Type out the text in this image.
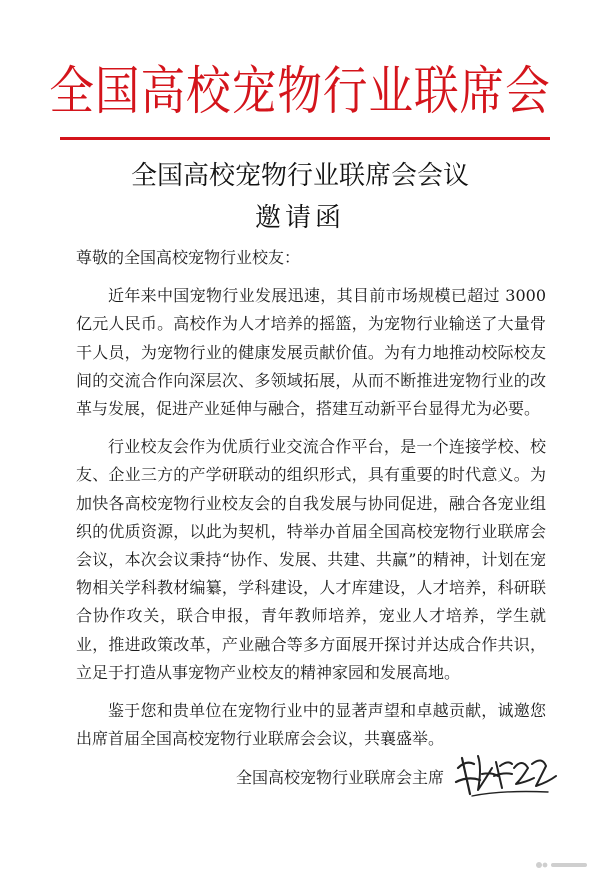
全国高校宠物行业联席会
全国高校宠物行业联席会会议
邀请函

尊敬的全国高校宠物行业校友：

近年来中国宠物行业发展迅速，其目前市场规模已超过 3000 亿元人民币。高校作为人才培养的摇篮，为宠物行业输送了大量骨干人员，为宠物行业的健康发展贡献价值。为有力地推动校际校友间的交流合作向深层次、多领域拓展，从而不断推进宠物行业的改革与发展，促进产业延伸与融合，搭建互动新平台显得尤为必要。

行业校友会作为优质行业交流合作平台，是一个连接学校、校友、企业三方的产学研联动的组织形式，具有重要的时代意义。为加快各高校宠物行业校友会的自我发展与协同促进，融合各宠业组织的优质资源，以此为契机，特举办首届全国高校宠物行业联席会会议，本次会议秉持“协作、发展、共建、共赢”的精神，计划在宠物相关学科教材编纂，学科建设，人才库建设，人才培养，科研联合协作攻关，联合申报，青年教师培养，宠业人才培养，学生就业，推进政策改革，产业融合等多方面展开探讨并达成合作共识，立足于打造从事宠物产业校友的精神家园和发展高地。

鉴于您和贵单位在宠物行业中的显著声望和卓越贡献，诚邀您出席首届全国高校宠物行业联席会会议，共襄盛举。

全国高校宠物行业联席会主席
